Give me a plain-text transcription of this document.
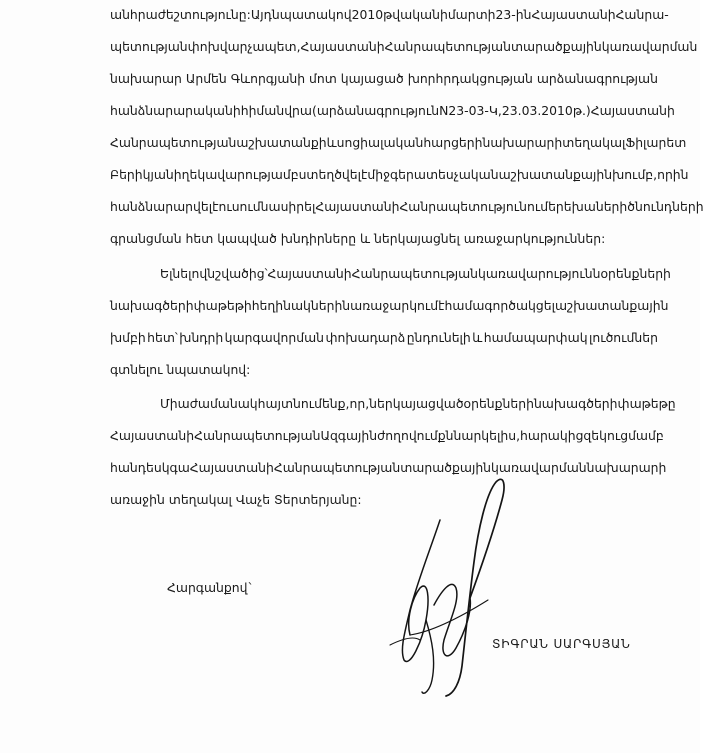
անհրաժեշտությունը: Այդ նպատակով 2010 թվականի մարտի 23-ին Հայաստանի Հանրա-
պետության փոխվարչապետ, Հայաստանի Հանրապետության տարածքային կառավարման
նախարար Արմեն Գևորգյանի մոտ կայացած խորհրդակցության արձանագրության
հանձնարարականի հիման վրա (արձանագրություն N 23-03-Կ, 23.03.2010 թ.) Հայաստանի
Հանրապետության աշխատանքի և սոցիալական հարցերի նախարարի տեղակալ Ֆիլարետ
Բերիկյանի ղեկավարությամբ ստեղծվել է միջգերատեսչական աշխատանքային խումբ, որին
հանձնարարվել է ուսումնասիրել Հայաստանի Հանրապետությունում երեխաների ծնունդների
գրանցման հետ կապված խնդիրները և ներկայացնել առաջարկություններ:
Ելնելով նշվածից՝ Հայաստանի Հանրապետության կառավարությունն օրենքների
նախագծերի փաթեթի հեղինակներին առաջարկում է համագործակցել աշխատանքային
խմբի հետ՝ խնդրի կարգավորման փոխադարձ ընդունելի և համապարփակ լուծումներ
գտնելու նպատակով:
Միաժամանակ հայտնում ենք, որ, ներկայացված օրենքների նախագծերի փաթեթը
Հայաստանի Հանրապետության Ազգային ժողովում քննարկելիս, հարակից զեկուցմամբ
հանդես կգա Հայաստանի Հանրապետության տարածքային կառավարման նախարարի
առաջին տեղակալ Վաչե Տերտերյանը:
Հարգանքով`
ՏԻԳՐԱՆ ՍԱՐԳՍՅԱՆ
